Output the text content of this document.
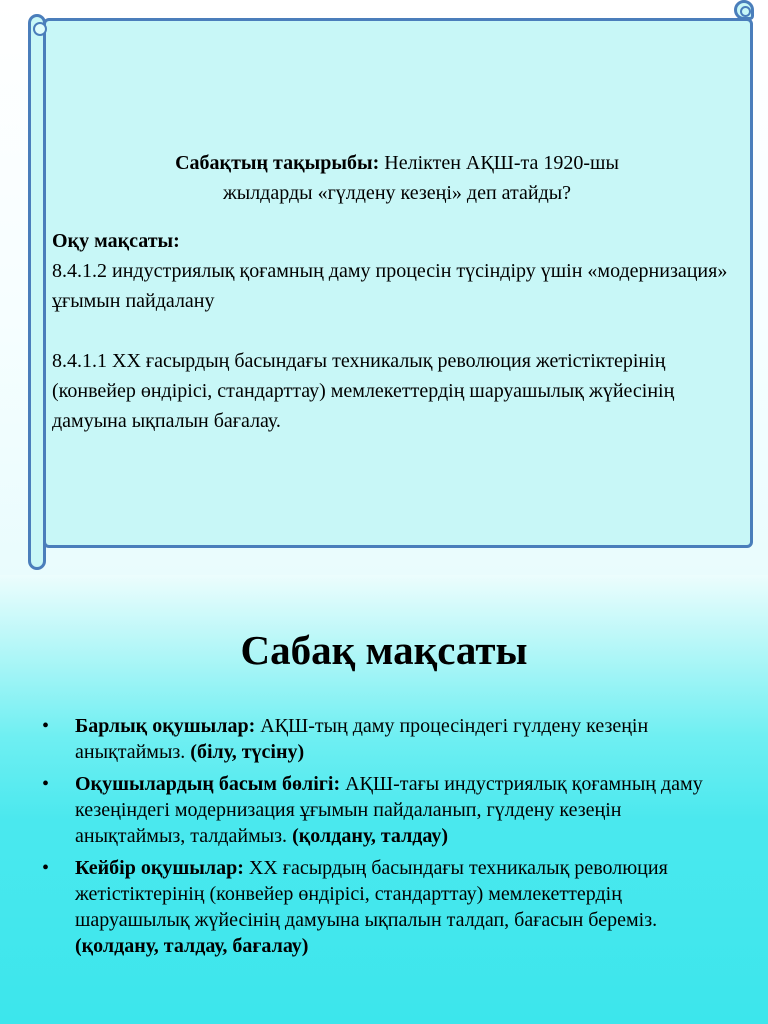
Сабақтың тақырыбы: Неліктен АҚШ-та 1920-шы
жылдарды «гүлдену кезеңі» деп атайды?

Оқу мақсаты:

8.4.1.2 индустриялық қоғамның даму процесін түсіндіру үшін «модернизация» ұғымын пайдалану

8.4.1.1 ХХ ғасырдың басындағы техникалық революция жетістіктерінің (конвейер өндірісі, стандарттау) мемлекеттердің шаруашылық жүйесінің дамуына ықпалын бағалау.

Сабақ мақсаты
• Барлық оқушылар: АҚШ-тың даму процесіндегі гүлдену кезеңін анықтаймыз. (білу, түсіну)
• Оқушылардың басым бөлігі: АҚШ-тағы индустриялық қоғамның даму кезеңіндегі модернизация ұғымын пайдаланып, гүлдену кезеңін анықтаймыз, талдаймыз. (қолдану, талдау)
• Кейбір оқушылар: ХХ ғасырдың басындағы техникалық революция жетістіктерінің (конвейер өндірісі, стандарттау) мемлекеттердің шаруашылық жүйесінің дамуына ықпалын талдап, бағасын береміз. (қолдану, талдау, бағалау)
